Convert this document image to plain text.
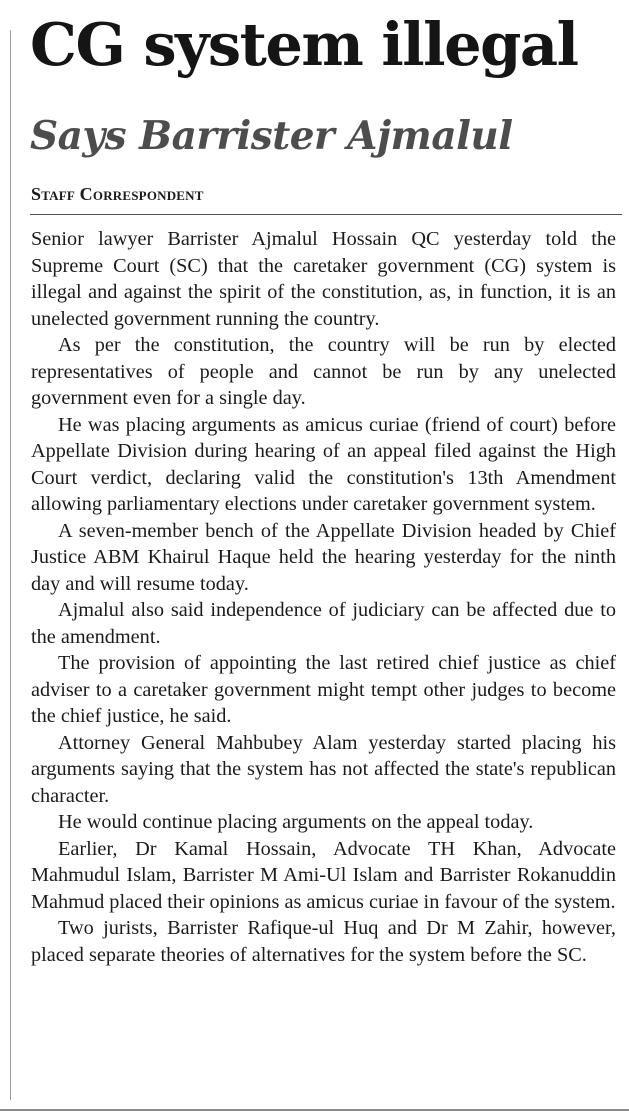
CG system illegal
Says Barrister Ajmalul
Staff Correspondent

Senior lawyer Barrister Ajmalul Hossain QC yesterday told the Supreme Court (SC) that the caretaker government (CG) system is illegal and against the spirit of the constitution, as, in function, it is an unelected government running the country.

As per the constitution, the country will be run by elected representatives of people and cannot be run by any unelected government even for a single day.

He was placing arguments as amicus curiae (friend of court) before Appellate Division during hearing of an appeal filed against the High Court verdict, declaring valid the constitution's 13th Amendment allowing parliamentary elections under caretaker government system.

A seven-member bench of the Appellate Division headed by Chief Justice ABM Khairul Haque held the hearing yesterday for the ninth day and will resume today.

Ajmalul also said independence of judiciary can be affected due to the amendment.

The provision of appointing the last retired chief justice as chief adviser to a caretaker government might tempt other judges to become the chief justice, he said.

Attorney General Mahbubey Alam yesterday started placing his arguments saying that the system has not affected the state's republican character.

He would continue placing arguments on the appeal today.

Earlier, Dr Kamal Hossain, Advocate TH Khan, Advocate Mahmudul Islam, Barrister M Ami-Ul Islam and Barrister Rokanuddin Mahmud placed their opinions as amicus curiae in favour of the system.

Two jurists, Barrister Rafique-ul Huq and Dr M Zahir, however, placed separate theories of alternatives for the system before the SC.
